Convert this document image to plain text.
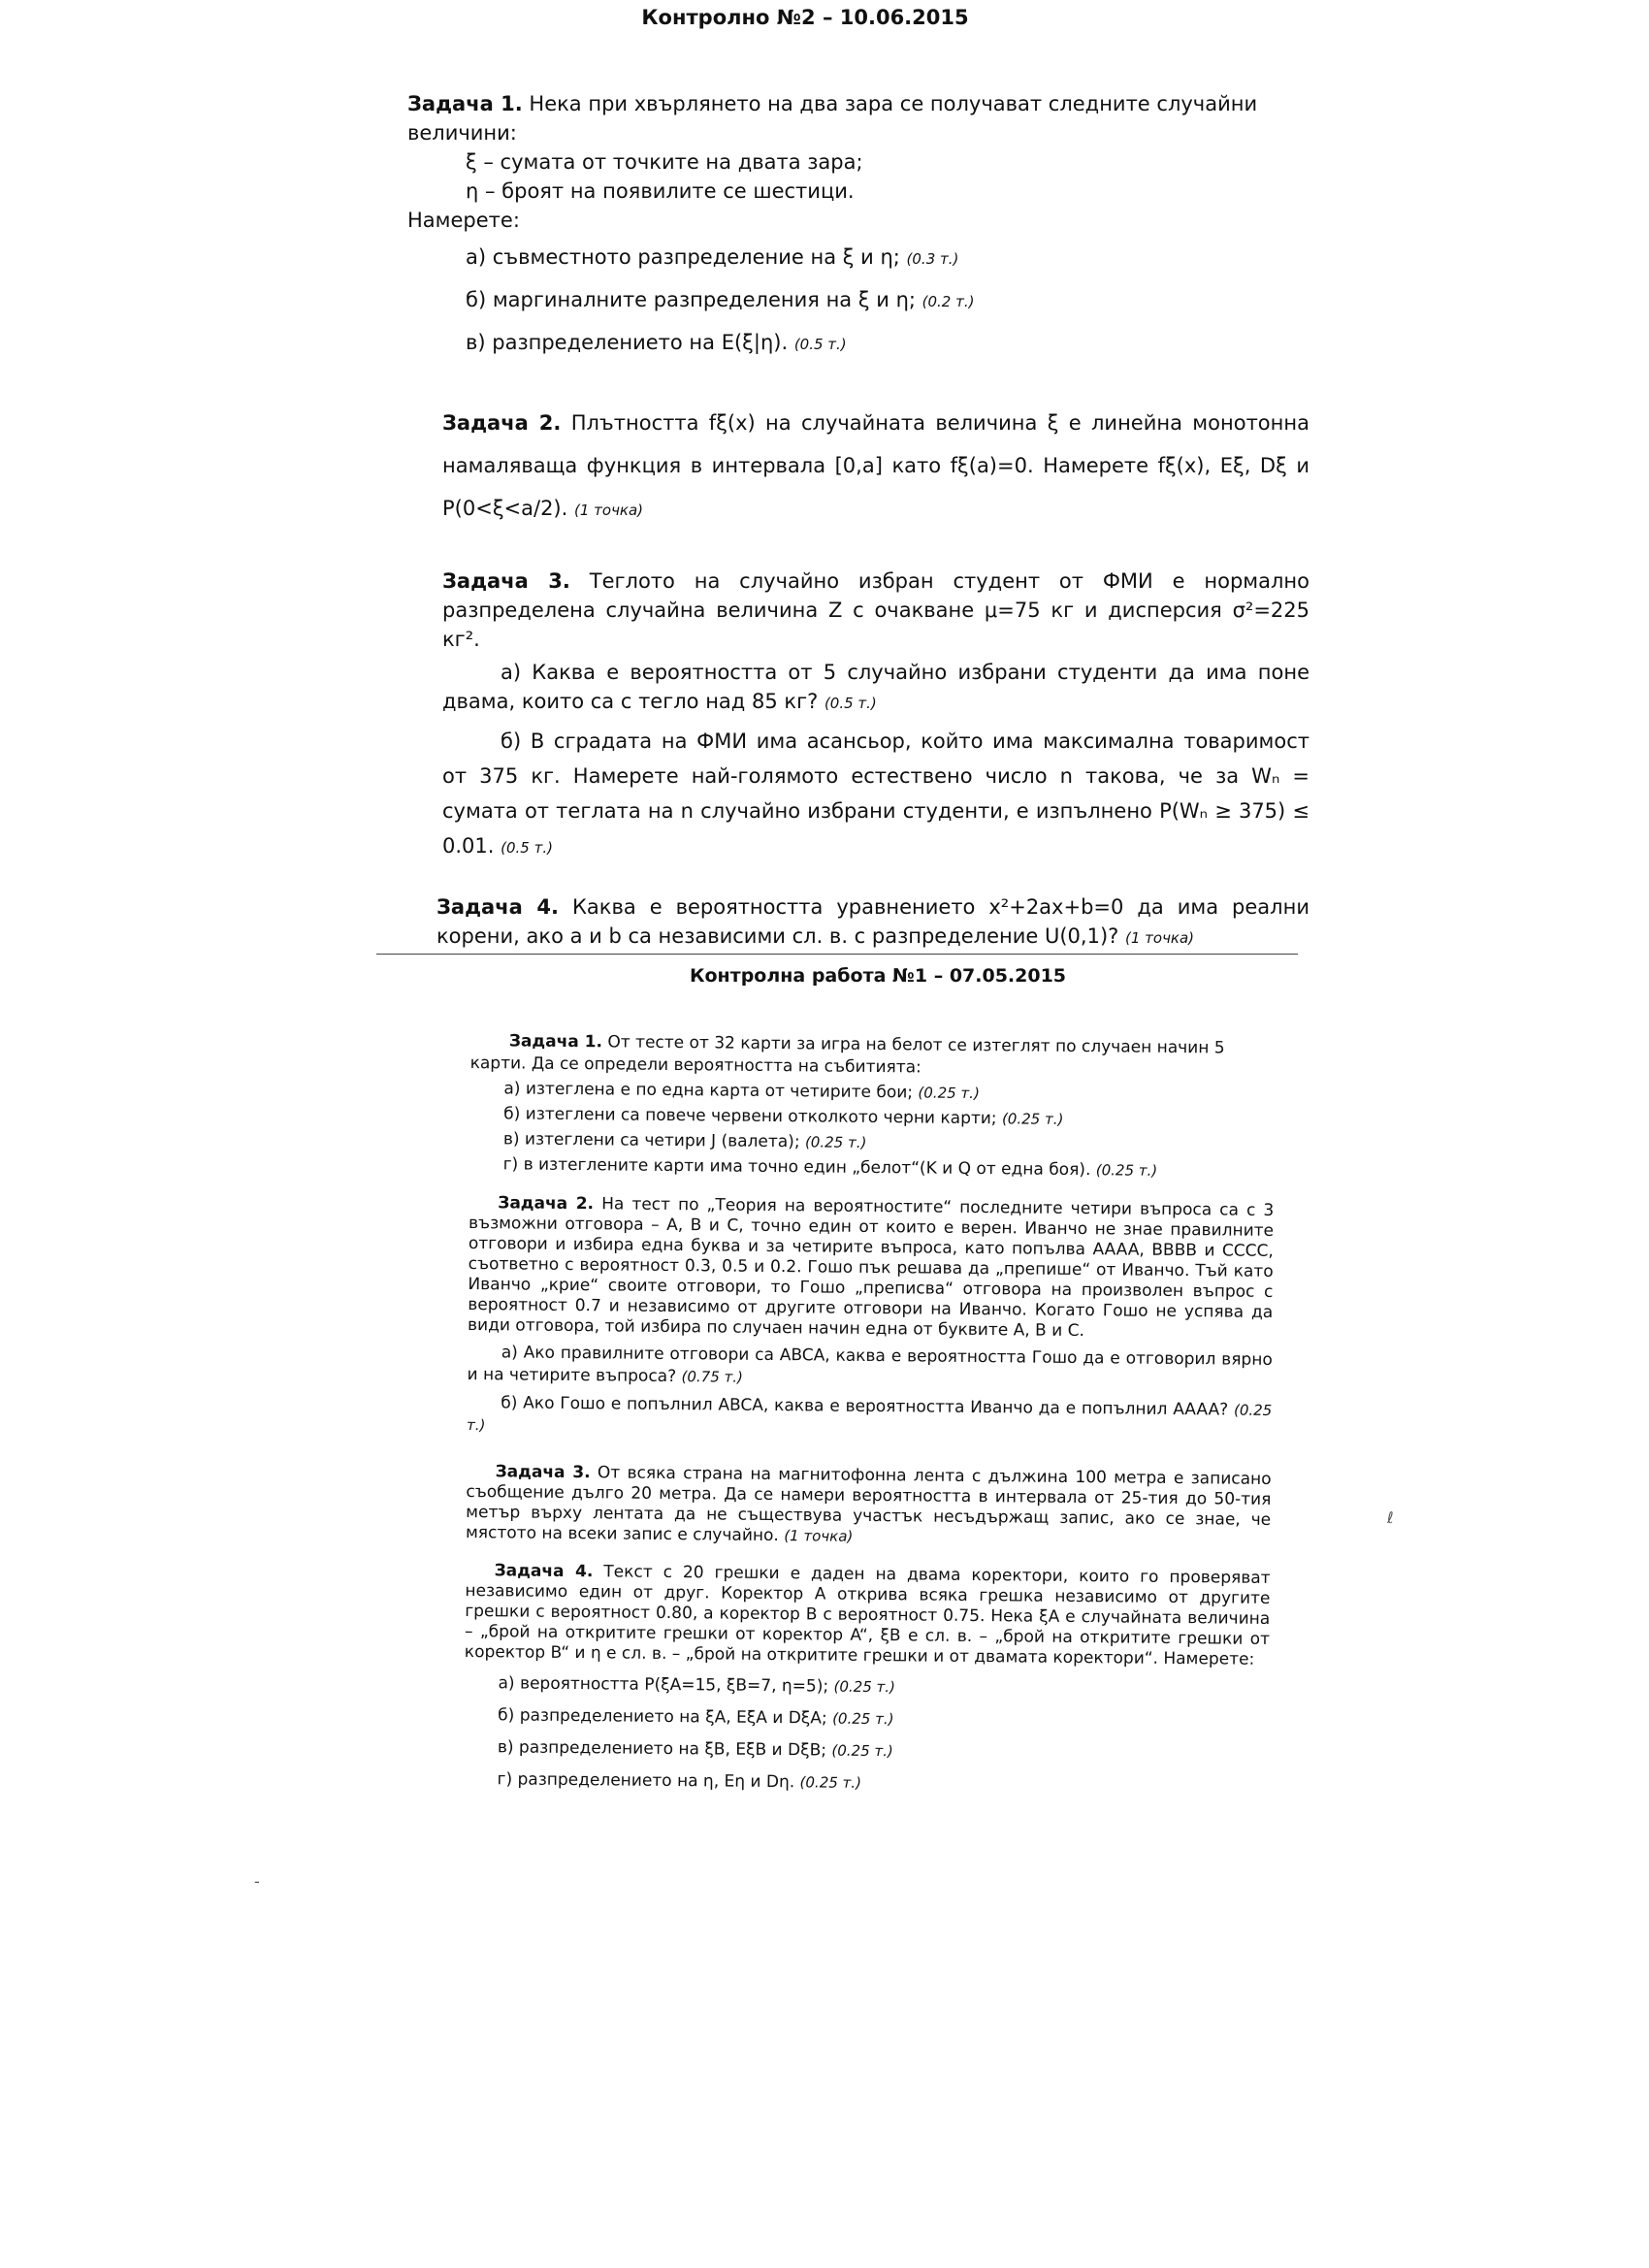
Контролно №2 – 10.06.2015

Задача 1. Нека при хвърлянето на два зара се получават следните случайни величини:

ξ – сумата от точките на двата зара;

η – броят на появилите се шестици.

Намерете:

а) съвместното разпределение на ξ и η; (0.3 т.)

б) маргиналните разпределения на ξ и η; (0.2 т.)

в) разпределението на E(ξ|η). (0.5 т.)

Задача 2. Плътността fξ(x) на случайната величина ξ е линейна монотонна намаляваща функция в интервала [0,a] като fξ(a)=0. Намерете fξ(x), Eξ, Dξ и P(0<ξ<a/2). (1 точка)

Задача 3. Теглото на случайно избран студент от ФМИ е нормално разпределена случайна величина Z с очакване μ=75 кг и дисперсия σ²=225 кг².

а) Каква е вероятността от 5 случайно избрани студенти да има поне двама, които са с тегло над 85 кг? (0.5 т.)

б) В сградата на ФМИ има асансьор, който има максимална товаримост от 375 кг. Намерете най-голямото естествено число n такова, че за Wₙ = сумата от теглата на n случайно избрани студенти, е изпълнено P(Wₙ ≥ 375) ≤ 0.01. (0.5 т.)

Задача 4. Каква е вероятността уравнението x²+2ax+b=0 да има реални корени, ако a и b са независими сл. в. с разпределение U(0,1)? (1 точка)

Контролна работа №1 – 07.05.2015

Задача 1. От тесте от 32 карти за игра на белот се изтеглят по случаен начин 5 карти. Да се определи вероятността на събитията:

а) изтеглена е по една карта от четирите бои; (0.25 т.)

б) изтеглени са повече червени отколкото черни карти; (0.25 т.)

в) изтеглени са четири J (валета); (0.25 т.)

г) в изтеглените карти има точно един „белот“(K и Q от една боя). (0.25 т.)

Задача 2. На тест по „Теория на вероятностите“ последните четири въпроса са с 3 възможни отговора – A, B и C, точно един от които е верен. Иванчо не знае правилните отговори и избира една буква и за четирите въпроса, като попълва AAAA, BBBB и CCCC, съответно с вероятност 0.3, 0.5 и 0.2. Гошо пък решава да „препише“ от Иванчо. Тъй като Иванчо „крие“ своите отговори, то Гошо „преписва“ отговора на произволен въпрос с вероятност 0.7 и независимо от другите отговори на Иванчо. Когато Гошо не успява да види отговора, той избира по случаен начин една от буквите A, B и C.

а) Ако правилните отговори са ABCA, каква е вероятността Гошо да е отговорил вярно и на четирите въпроса? (0.75 т.)

б) Ако Гошо е попълнил ABCA, каква е вероятността Иванчо да е попълнил AAAA? (0.25 т.)

Задача 3. От всяка страна на магнитофонна лента с дължина 100 метра е записано съобщение дълго 20 метра. Да се намери вероятността в интервала от 25-тия до 50-тия метър върху лентата да не съществува участък несъдържащ запис, ако се знае, че мястото на всеки запис е случайно. (1 точка)

Задача 4. Текст с 20 грешки е даден на двама коректори, които го проверяват независимо един от друг. Коректор A открива всяка грешка независимо от другите грешки с вероятност 0.80, а коректор B с вероятност 0.75. Нека ξA е случайната величина – „брой на откритите грешки от коректор A“, ξB е сл. в. – „брой на откритите грешки от коректор B“ и η е сл. в. – „брой на откритите грешки и от двамата коректори“. Намерете:

а) вероятността P(ξA=15, ξB=7, η=5); (0.25 т.)

б) разпределението на ξA, EξA и DξA; (0.25 т.)

в) разпределението на ξB, EξB и DξB; (0.25 т.)

г) разпределението на η, Eη и Dη. (0.25 т.)

ℓ
-
